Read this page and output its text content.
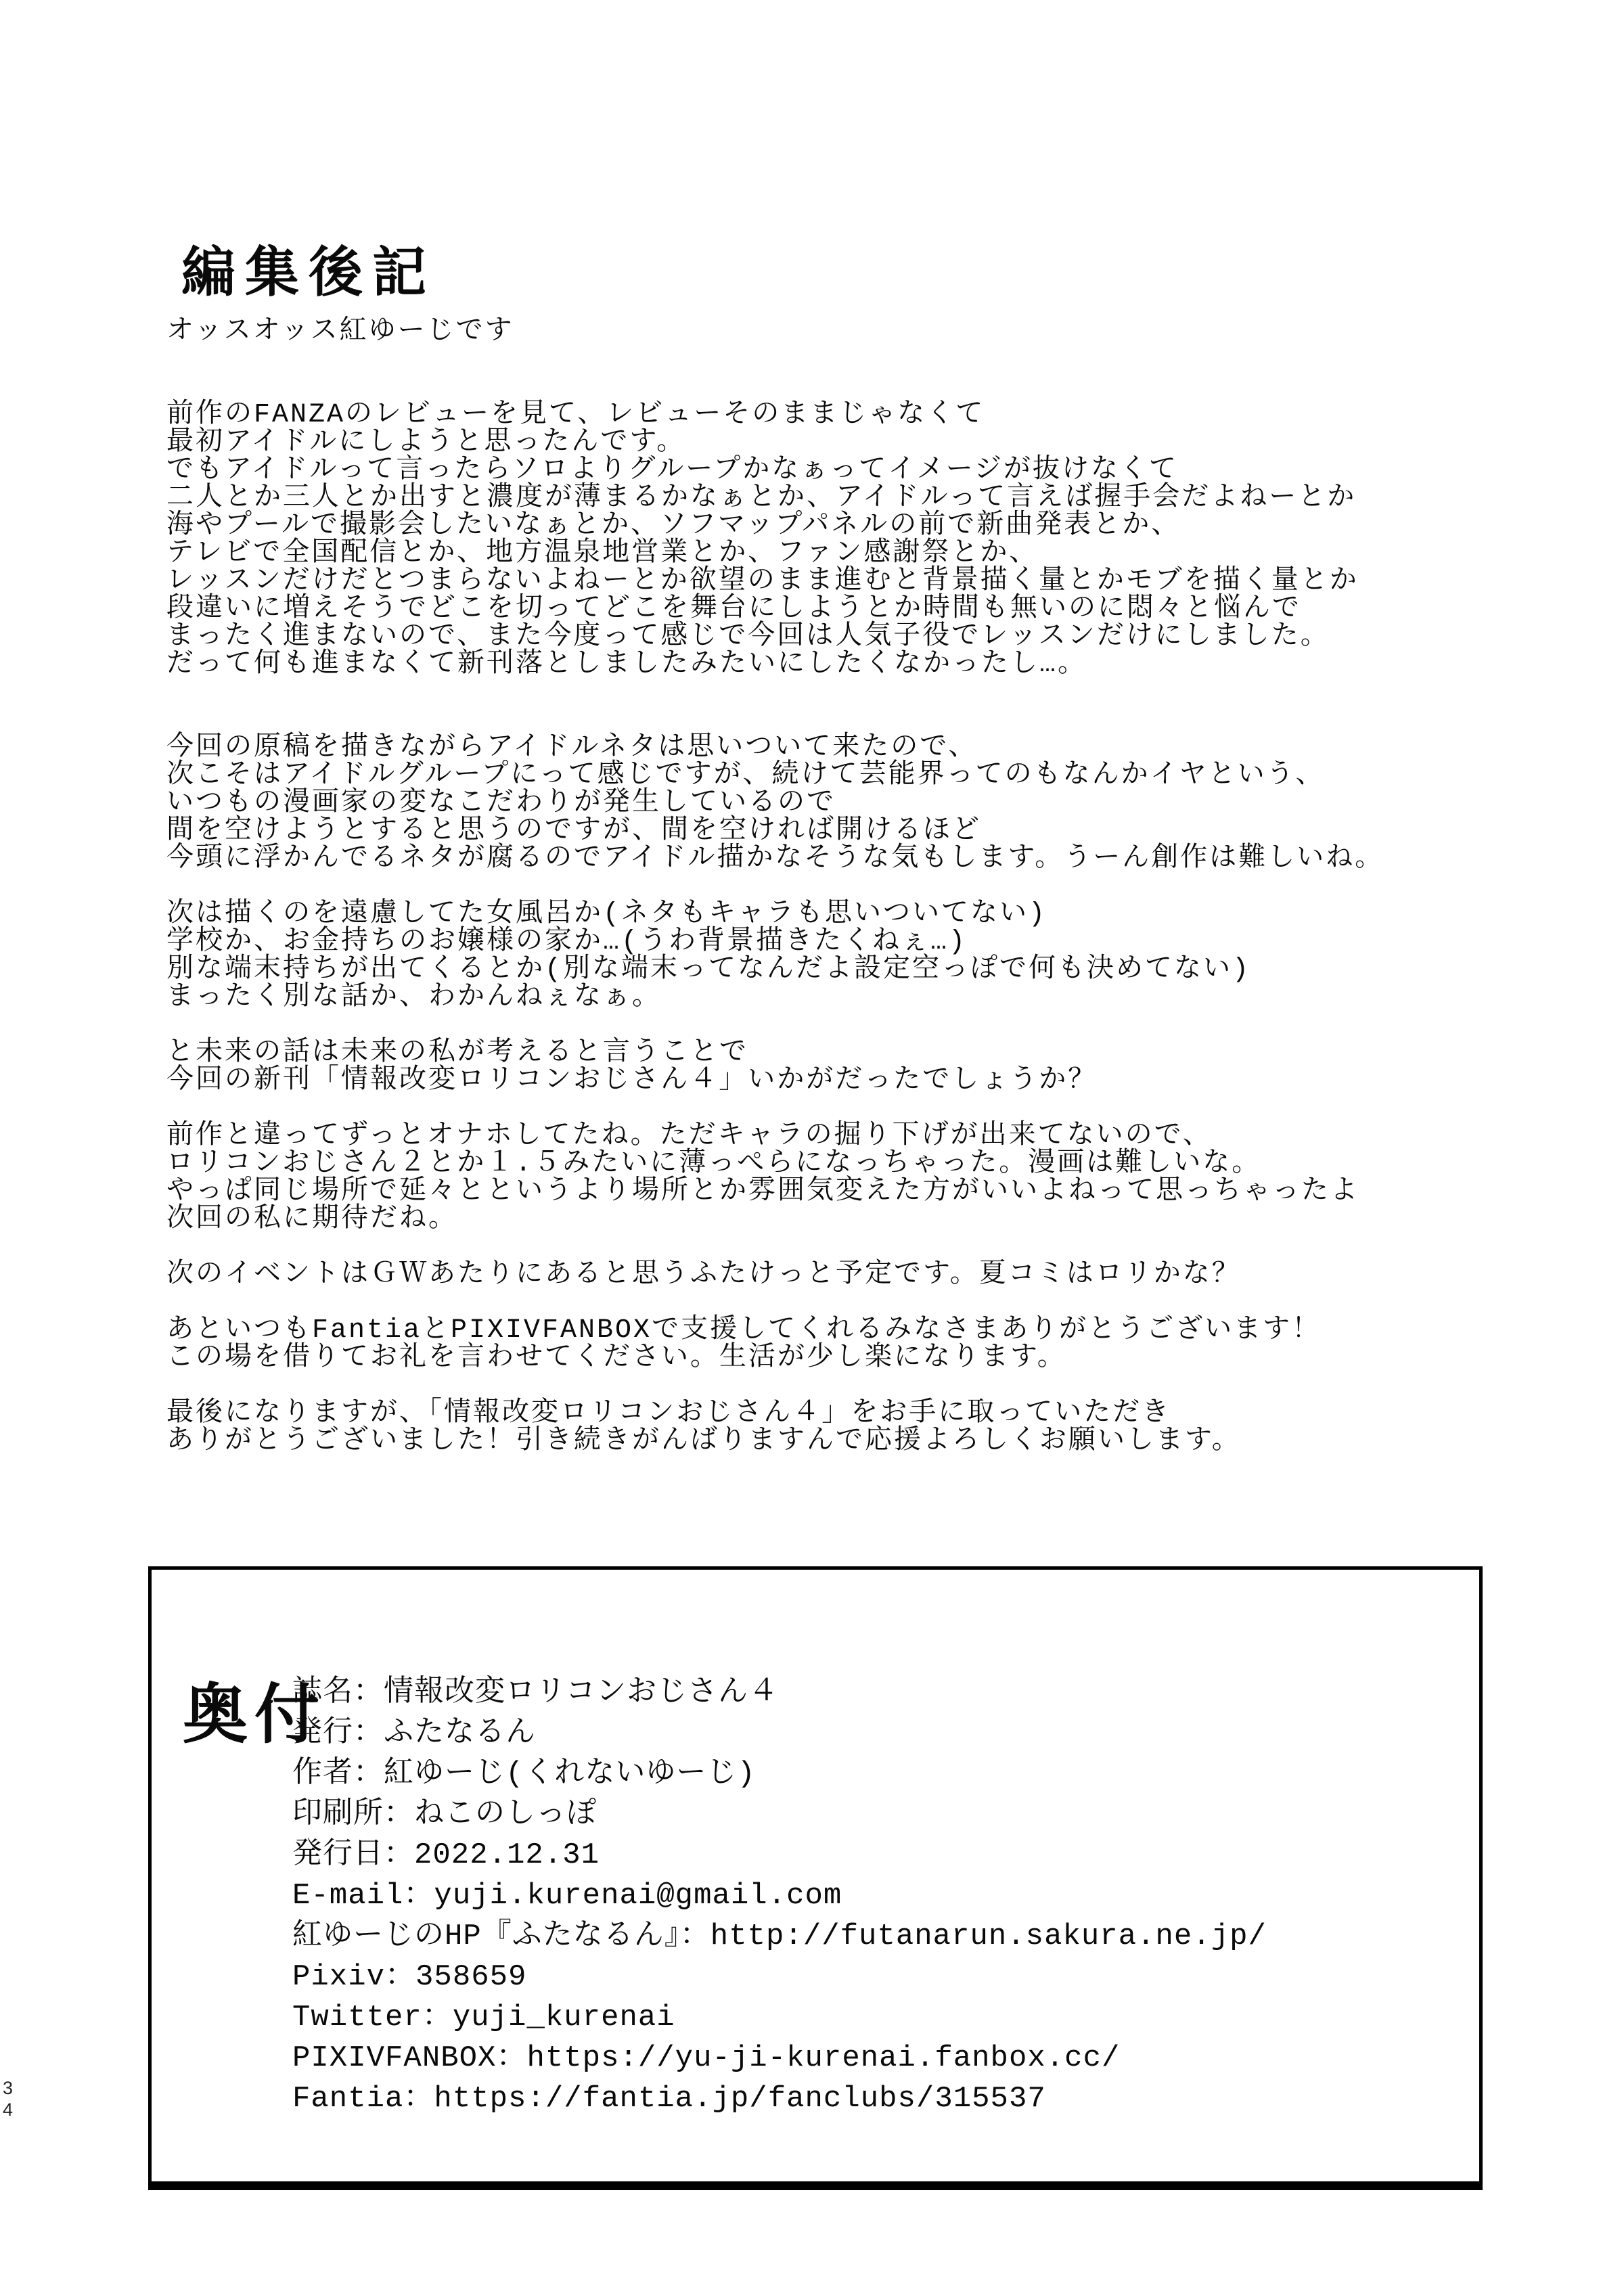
編集後記
オッスオッス紅ゆーじです
前作のFANZAのレビューを見て、レビューそのままじゃなくて
最初アイドルにしようと思ったんです。
でもアイドルって言ったらソロよりグループかなぁってイメージが抜けなくて
二人とか三人とか出すと濃度が薄まるかなぁとか、アイドルって言えば握手会だよねーとか
海やプールで撮影会したいなぁとか、ソフマップパネルの前で新曲発表とか、
テレビで全国配信とか、地方温泉地営業とか、ファン感謝祭とか、
レッスンだけだとつまらないよねーとか欲望のまま進むと背景描く量とかモブを描く量とか
段違いに増えそうでどこを切ってどこを舞台にしようとか時間も無いのに悶々と悩んで
まったく進まないので、また今度って感じで今回は人気子役でレッスンだけにしました。
だって何も進まなくて新刊落としましたみたいにしたくなかったし…。
今回の原稿を描きながらアイドルネタは思いついて来たので、
次こそはアイドルグループにって感じですが、続けて芸能界ってのもなんかイヤという、
いつもの漫画家の変なこだわりが発生しているので
間を空けようとすると思うのですが、間を空ければ開けるほど
今頭に浮かんでるネタが腐るのでアイドル描かなそうな気もします。うーん創作は難しいね。
次は描くのを遠慮してた女風呂か(ネタもキャラも思いついてない)
学校か、お金持ちのお嬢様の家か…(うわ背景描きたくねぇ…)
別な端末持ちが出てくるとか(別な端末ってなんだよ設定空っぽで何も決めてない)
まったく別な話か、わかんねぇなぁ。
と未来の話は未来の私が考えると言うことで
今回の新刊「情報改変ロリコンおじさん４」いかがだったでしょうか？
前作と違ってずっとオナホしてたね。ただキャラの掘り下げが出来てないので、
ロリコンおじさん２とか１.５みたいに薄っぺらになっちゃった。漫画は難しいな。
やっぱ同じ場所で延々とというより場所とか雰囲気変えた方がいいよねって思っちゃったよ
次回の私に期待だね。
次のイベントはＧＷあたりにあると思うふたけっと予定です。夏コミはロリかな？
あといつもFantiaとPIXIVFANBOXで支援してくれるみなさまありがとうございます！
この場を借りてお礼を言わせてください。生活が少し楽になります。
最後になりますが、「情報改変ロリコンおじさん４」をお手に取っていただき
ありがとうございました！引き続きがんばりますんで応援よろしくお願いします。
奥付
誌名：情報改変ロリコンおじさん４
発行：ふたなるん
作者：紅ゆーじ(くれないゆーじ)
印刷所：ねこのしっぽ
発行日：2022.12.31
E-mail：yuji.kurenai@gmail.com
紅ゆーじのHP『ふたなるん』：http://futanarun.sakura.ne.jp/
Pixiv：358659
Twitter：yuji_kurenai
PIXIVFANBOX：https://yu-ji-kurenai.fanbox.cc/
Fantia：https://fantia.jp/fanclubs/315537
3
4
